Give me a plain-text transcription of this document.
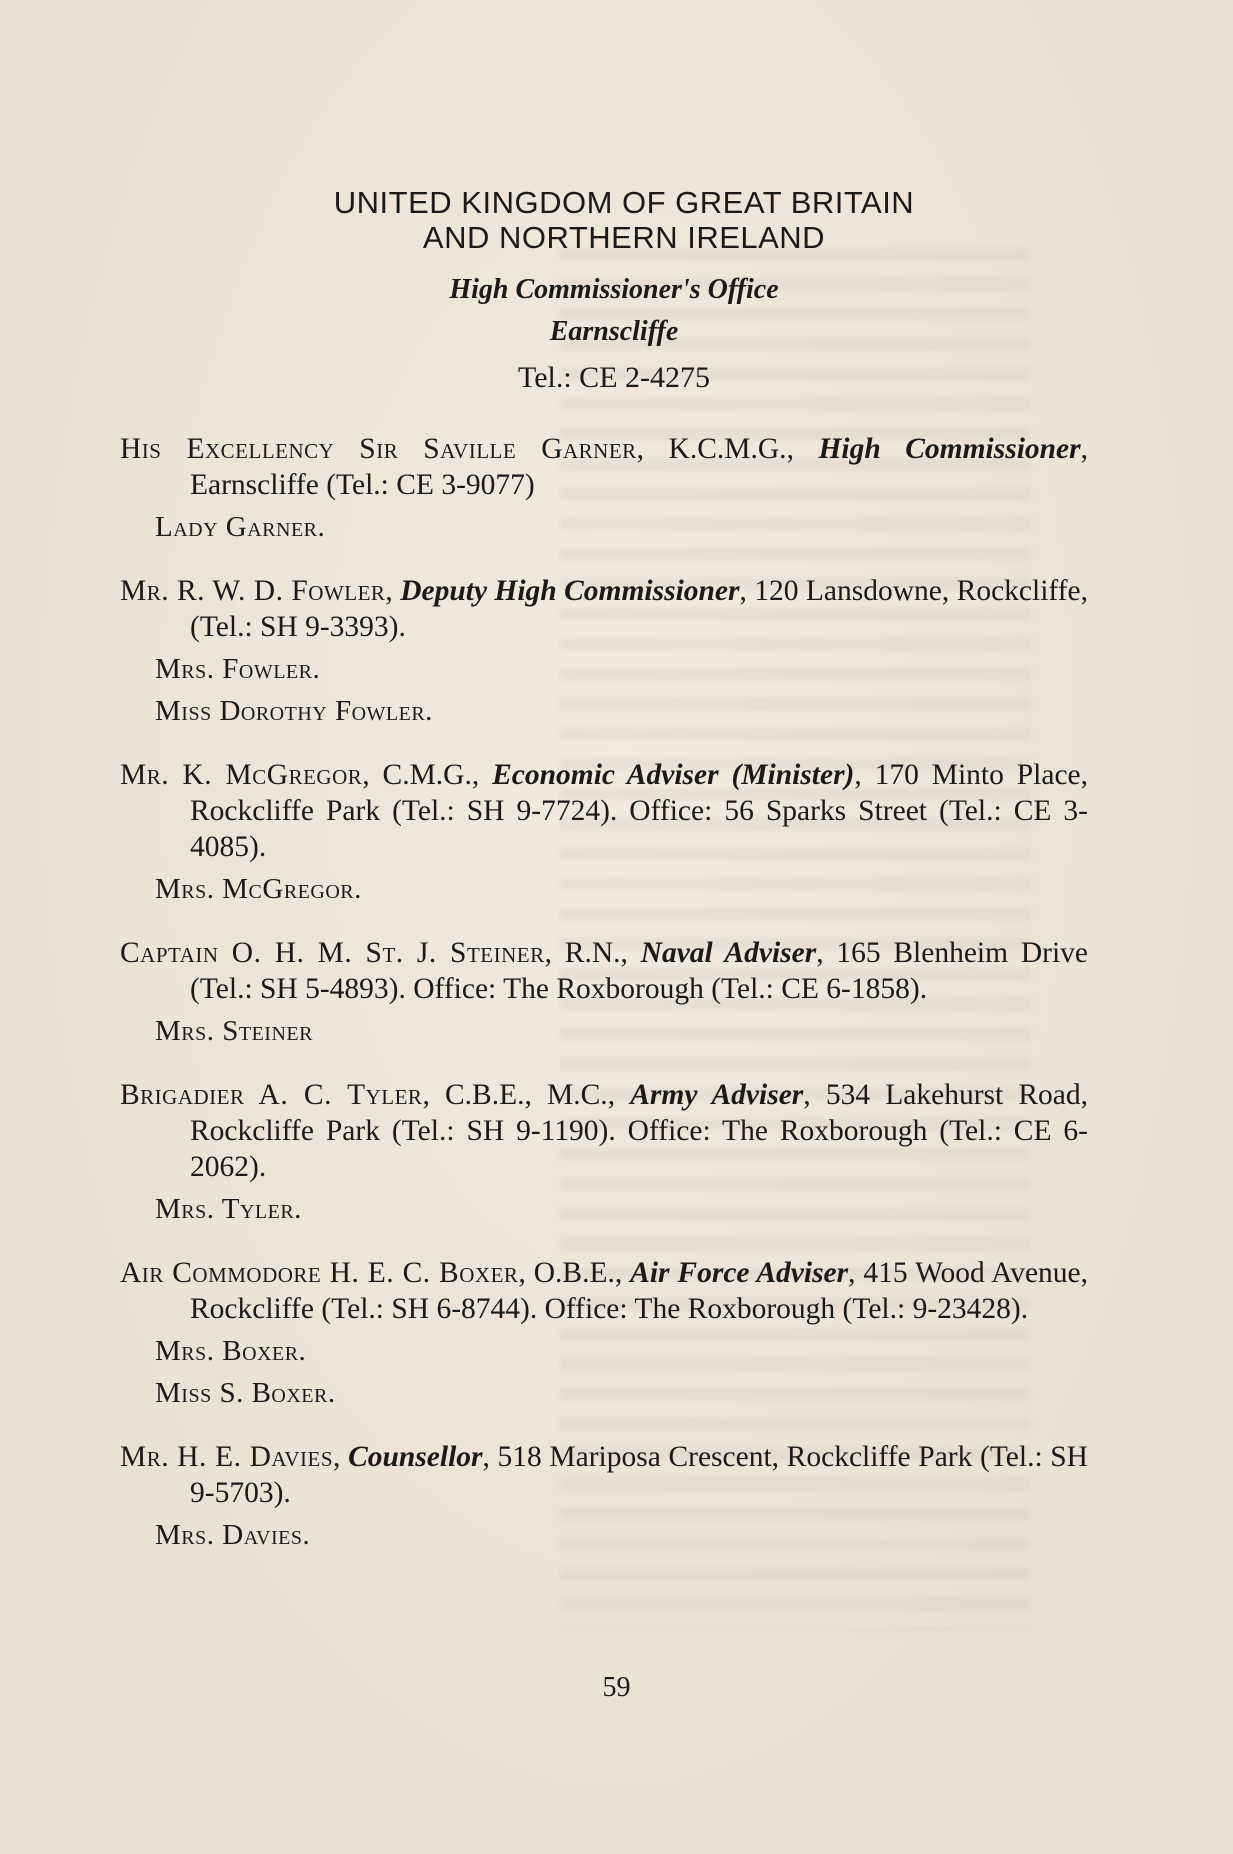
UNITED KINGDOM OF GREAT BRITAIN
AND NORTHERN IRELAND
High Commissioner's Office
Earnscliffe
Tel.: CE 2-4275
His Excellency Sir Saville Garner, K.C.M.G., High Commissioner, Earnscliffe (Tel.: CE 3-9077)
Lady Garner.
Mr. R. W. D. Fowler, Deputy High Commissioner, 120 Lansdowne, Rockcliffe, (Tel.: SH 9-3393).
Mrs. Fowler.
Miss Dorothy Fowler.
Mr. K. McGregor, C.M.G., Economic Adviser (Minister), 170 Minto Place, Rockcliffe Park (Tel.: SH 9-7724). Office: 56 Sparks Street (Tel.: CE 3-4085).
Mrs. McGregor.
Captain O. H. M. St. J. Steiner, R.N., Naval Adviser, 165 Blenheim Drive (Tel.: SH 5-4893). Office: The Roxborough (Tel.: CE 6-1858).
Mrs. Steiner
Brigadier A. C. Tyler, C.B.E., M.C., Army Adviser, 534 Lakehurst Road, Rockcliffe Park (Tel.: SH 9-1190). Office: The Roxborough (Tel.: CE 6-2062).
Mrs. Tyler.
Air Commodore H. E. C. Boxer, O.B.E., Air Force Adviser, 415 Wood Avenue, Rockcliffe (Tel.: SH 6-8744). Office: The Roxborough (Tel.: 9-23428).
Mrs. Boxer.
Miss S. Boxer.
Mr. H. E. Davies, Counsellor, 518 Mariposa Crescent, Rockcliffe Park (Tel.: SH 9-5703).
Mrs. Davies.
59
